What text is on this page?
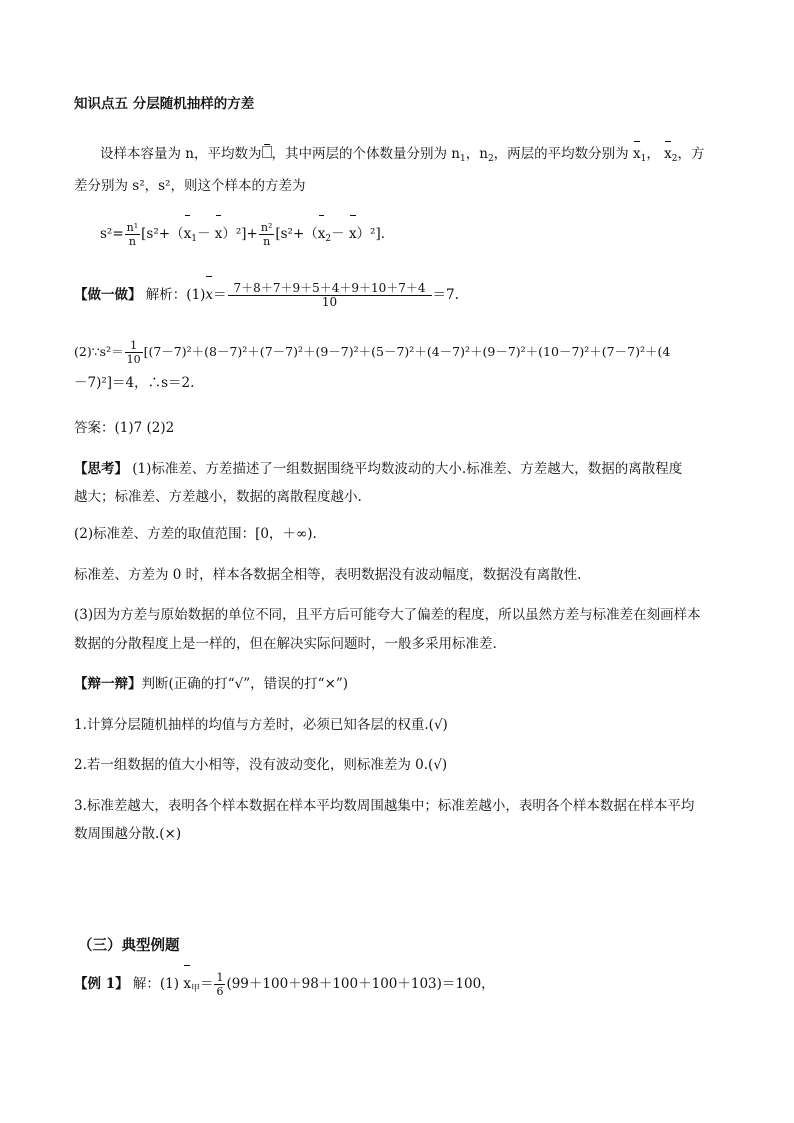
知识点五 分层随机抽样的方差
设样本容量为 n，平均数为 ，其中两层的个体数量分别为 $n_1$，$n_2$，两层的平均数分别为 $x_1$， $x_2$，方
差分别为 s²，s²，则这个样本的方差为
$s^2= \frac{\text{n¹}}{n} [s^2+(x_1- x)^2]+ \frac{\text{n²}}{n} [s^2+(x_2- x)^2]$．
【做一做】 解析：$(1)x= \frac{7+8+7+9+5+4+9+10+7+4}{10} =7$.
(2)∵s²＝ $\frac{1}{10} [(7-7)^2+(8-7)^2+(7-7)^2+(9-7)^2+(5-7)^2+(4-7)^2+(9-7)^2+(10-7)^2+(7-7)^2+(4$
－7)²]＝4，∴s＝2.
答案：(1)7 (2)2
【思考】 (1)标准差、方差描述了一组数据围绕平均数波动的大小.标准差、方差越大，数据的离散程度
越大；标准差、方差越小，数据的离散程度越小.
(2)标准差、方差的取值范围：[0，＋∞).
标准差、方差为 0 时，样本各数据全相等，表明数据没有波动幅度，数据没有离散性.
(3)因为方差与原始数据的单位不同，且平方后可能夸大了偏差的程度，所以虽然方差与标准差在刻画样本
数据的分散程度上是一样的，但在解决实际问题时，一般多采用标准差.
【辩一辩】判断(正确的打“√”，错误的打“×”)
1.计算分层随机抽样的均值与方差时，必须已知各层的权重.(√)
2.若一组数据的值大小相等，没有波动变化，则标准差为 0.(√)
3.标准差越大，表明各个样本数据在样本平均数周围越集中；标准差越小，表明各个样本数据在样本平均
数周围越分散.(×)
（三）典型例题
【例 1】 解：(1) $x_甲= \frac{1}{6} (99+100+98+100+100+103)=100$，
